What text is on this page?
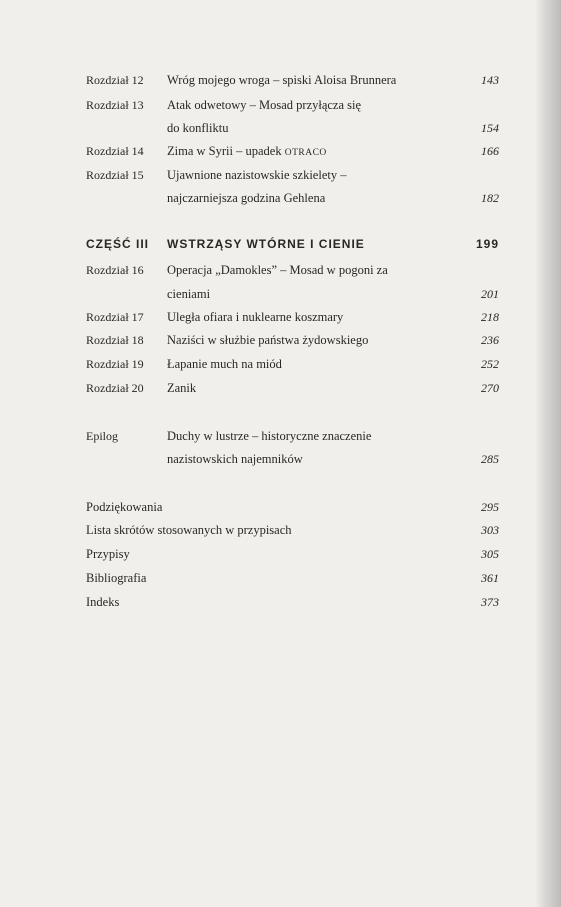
Rozdział 12 Wróg mojego wroga – spiski Aloisa Brunnera	143
Rozdział 13 Atak odwetowy – Mosad przyłącza się
do konfliktu	154
Rozdział 14 Zima w Syrii – upadek OTRACO	166
Rozdział 15 Ujawnione nazistowskie szkielety –
najczarniejsza godzina Gehlena	182
CZĘŚĆ III WSTRZĄSY WTÓRNE I CIENIE	199
Rozdział 16 Operacja „Damokles” – Mosad w pogoni za
cieniami	201
Rozdział 17 Uległa ofiara i nuklearne koszmary	218
Rozdział 18 Naziści w służbie państwa żydowskiego	236
Rozdział 19 Łapanie much na miód	252
Rozdział 20 Zanik	270
Epilog	Duchy w lustrze – historyczne znaczenie
nazistowskich najemników	285
Podziękowania	295
Lista skrótów stosowanych w przypisach	303
Przypisy	305
Bibliografia	361
Indeks	373
